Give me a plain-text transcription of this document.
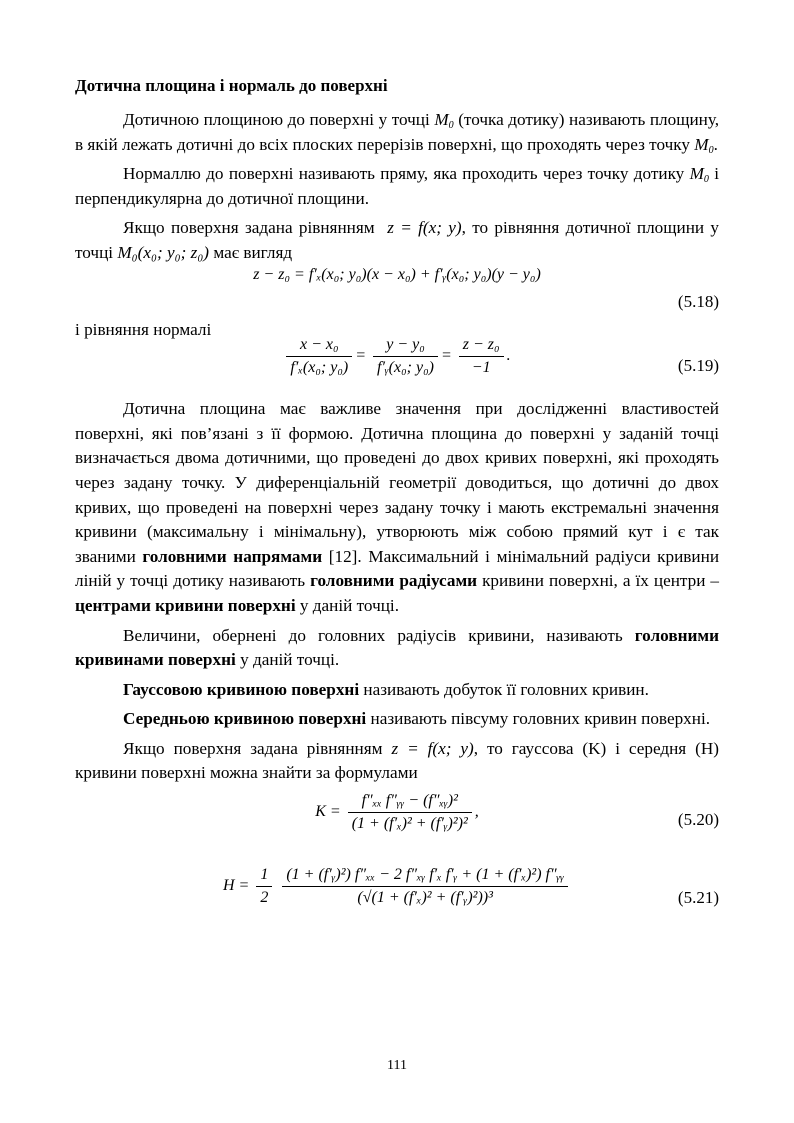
Дотична площина і нормаль до поверхні

Дотичною площиною до поверхні у точці $M_0$ (точка дотику) називають площину, в якій лежать дотичні до всіх плоских перерізів поверхні, що проходять через точку $M_0$.

Нормаллю до поверхні називають пряму, яка проходить через точку дотику $M_0$ і перпендикулярна до дотичної площини.

Якщо поверхня задана рівнянням z = f(x; y), то рівняння дотичної площини у точці M₀(x₀; y₀; z₀) має вигляд

z − z₀ = f′ₓ(x₀; y₀)(x − x₀) + f′ᵧ(x₀; y₀)(y − y₀)
(5.18)

і рівняння нормалі

$\frac{\text{x − x₀}}{\text{f′ₓ(x₀; y₀)}} = \frac{\text{y − y₀}}{\text{f′ᵧ(x₀; y₀)}} = \frac{\text{z − z₀}}{-1}$ .
(5.19)

Дотична площина має важливе значення при дослідженні властивостей поверхні, які пов’язані з її формою. Дотична площина до поверхні у заданій точці визначається двома дотичними, що проведені до двох кривих поверхні, які проходять через задану точку. У диференціальній геометрії доводиться, що дотичні до двох кривих, що проведені на поверхні через задану точку і мають екстремальні значення кривини (максимальну і мінімальну), утворюють між собою прямий кут і є так званими головними напрямами [12]. Максимальний і мінімальний радіуси кривини ліній у точці дотику називають головними радіусами кривини поверхні, а їх центри – центрами кривини поверхні у даній точці.

Величини, обернені до головних радіусів кривини, називають головними кривинами поверхні у даній точці.

Гауссовою кривиною поверхні називають добуток її головних кривин.

Середньою кривиною поверхні називають півсуму головних кривин поверхні.

Якщо поверхня задана рівнянням z = f(x; y), то гауссова (K) і середня (H) кривини поверхні можна знайти за формулами

$K = \frac{\text{f″ₓₓ f″ᵧᵧ − (f″ₓᵧ)²}}{\text{(1 + (f′ₓ)² + (f′ᵧ)²)²}}$ ,	(5.20)
$H = \frac{1}{2}$
$\frac{\text{(1 + (f′ᵧ)²) f″ₓₓ − 2 f″ₓᵧ f′ₓ f′ᵧ + (1 + (f′ₓ)²) f″ᵧᵧ}}{\text{(√(1 + (f′ₓ)² + (f′ᵧ)²))³}}$	(5.21)
111
